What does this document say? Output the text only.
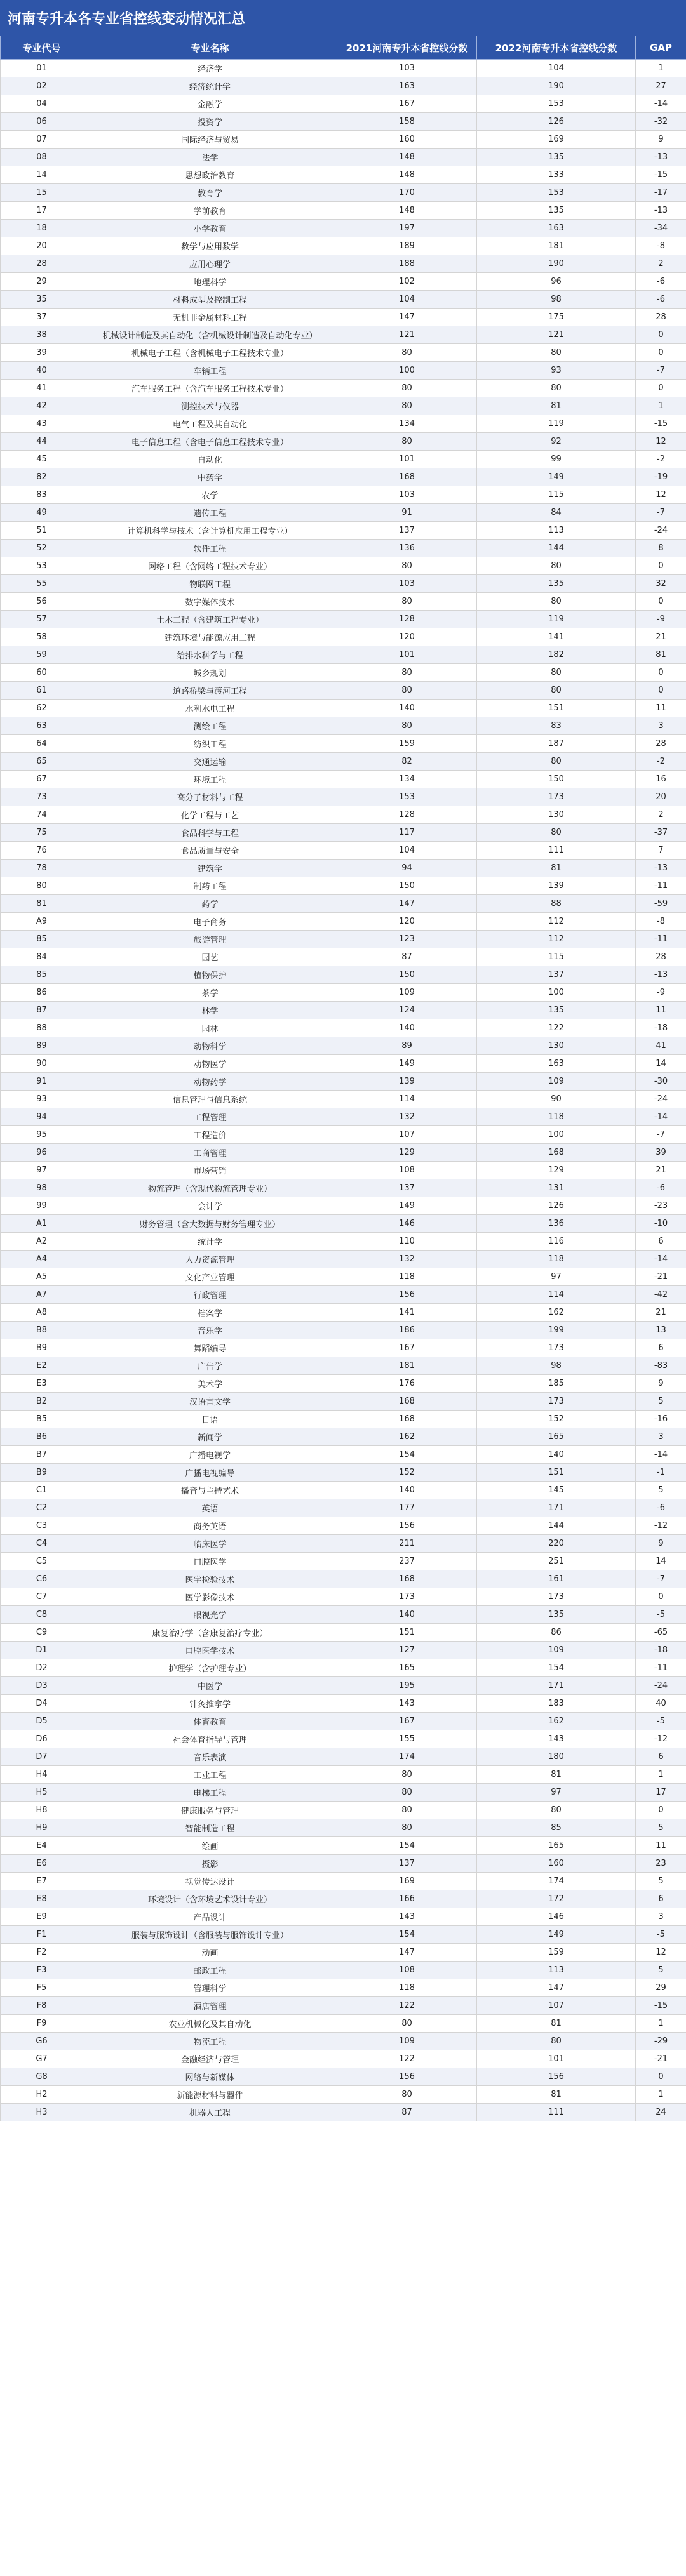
河南专升本各专业省控线变动情况汇总
专业代号	专业名称	2021河南专升本省控线分数	2022河南专升本省控线分数	GAP
01	经济学	103	104	1
02	经济统计学	163	190	27
04	金融学	167	153	-14
06	投资学	158	126	-32
07	国际经济与贸易	160	169	9
08	法学	148	135	-13
14	思想政治教育	148	133	-15
15	教育学	170	153	-17
17	学前教育	148	135	-13
18	小学教育	197	163	-34
20	数学与应用数学	189	181	-8
28	应用心理学	188	190	2
29	地理科学	102	96	-6
35	材料成型及控制工程	104	98	-6
37	无机非金属材料工程	147	175	28
38	机械设计制造及其自动化（含机械设计制造及自动化专业）	121	121	0
39	机械电子工程（含机械电子工程技术专业）	80	80	0
40	车辆工程	100	93	-7
41	汽车服务工程（含汽车服务工程技术专业）	80	80	0
42	测控技术与仪器	80	81	1
43	电气工程及其自动化	134	119	-15
44	电子信息工程（含电子信息工程技术专业）	80	92	12
45	自动化	101	99	-2
82	中药学	168	149	-19
83	农学	103	115	12
49	遗传工程	91	84	-7
51	计算机科学与技术（含计算机应用工程专业）	137	113	-24
52	软件工程	136	144	8
53	网络工程（含网络工程技术专业）	80	80	0
55	物联网工程	103	135	32
56	数字媒体技术	80	80	0
57	土木工程（含建筑工程专业）	128	119	-9
58	建筑环境与能源应用工程	120	141	21
59	给排水科学与工程	101	182	81
60	城乡规划	80	80	0
61	道路桥梁与渡河工程	80	80	0
62	水利水电工程	140	151	11
63	测绘工程	80	83	3
64	纺织工程	159	187	28
65	交通运输	82	80	-2
67	环境工程	134	150	16
73	高分子材料与工程	153	173	20
74	化学工程与工艺	128	130	2
75	食品科学与工程	117	80	-37
76	食品质量与安全	104	111	7
78	建筑学	94	81	-13
80	制药工程	150	139	-11
81	药学	147	88	-59
A9	电子商务	120	112	-8
85	旅游管理	123	112	-11
84	园艺	87	115	28
85	植物保护	150	137	-13
86	茶学	109	100	-9
87	林学	124	135	11
88	园林	140	122	-18
89	动物科学	89	130	41
90	动物医学	149	163	14
91	动物药学	139	109	-30
93	信息管理与信息系统	114	90	-24
94	工程管理	132	118	-14
95	工程造价	107	100	-7
96	工商管理	129	168	39
97	市场营销	108	129	21
98	物流管理（含现代物流管理专业）	137	131	-6
99	会计学	149	126	-23
A1	财务管理（含大数据与财务管理专业）	146	136	-10
A2	统计学	110	116	6
A4	人力资源管理	132	118	-14
A5	文化产业管理	118	97	-21
A7	行政管理	156	114	-42
A8	档案学	141	162	21
B8	音乐学	186	199	13
B9	舞蹈编导	167	173	6
E2	广告学	181	98	-83
E3	美术学	176	185	9
B2	汉语言文学	168	173	5
B5	日语	168	152	-16
B6	新闻学	162	165	3
B7	广播电视学	154	140	-14
B9	广播电视编导	152	151	-1
C1	播音与主持艺术	140	145	5
C2	英语	177	171	-6
C3	商务英语	156	144	-12
C4	临床医学	211	220	9
C5	口腔医学	237	251	14
C6	医学检验技术	168	161	-7
C7	医学影像技术	173	173	0
C8	眼视光学	140	135	-5
C9	康复治疗学（含康复治疗专业）	151	86	-65
D1	口腔医学技术	127	109	-18
D2	护理学（含护理专业）	165	154	-11
D3	中医学	195	171	-24
D4	针灸推拿学	143	183	40
D5	体育教育	167	162	-5
D6	社会体育指导与管理	155	143	-12
D7	音乐表演	174	180	6
H4	工业工程	80	81	1
H5	电梯工程	80	97	17
H8	健康服务与管理	80	80	0
H9	智能制造工程	80	85	5
E4	绘画	154	165	11
E6	摄影	137	160	23
E7	视觉传达设计	169	174	5
E8	环境设计（含环境艺术设计专业）	166	172	6
E9	产品设计	143	146	3
F1	服装与服饰设计（含服装与服饰设计专业）	154	149	-5
F2	动画	147	159	12
F3	邮政工程	108	113	5
F5	管理科学	118	147	29
F8	酒店管理	122	107	-15
F9	农业机械化及其自动化	80	81	1
G6	物流工程	109	80	-29
G7	金融经济与管理	122	101	-21
G8	网络与新媒体	156	156	0
H2	新能源材料与器件	80	81	1
H3	机器人工程	87	111	24
